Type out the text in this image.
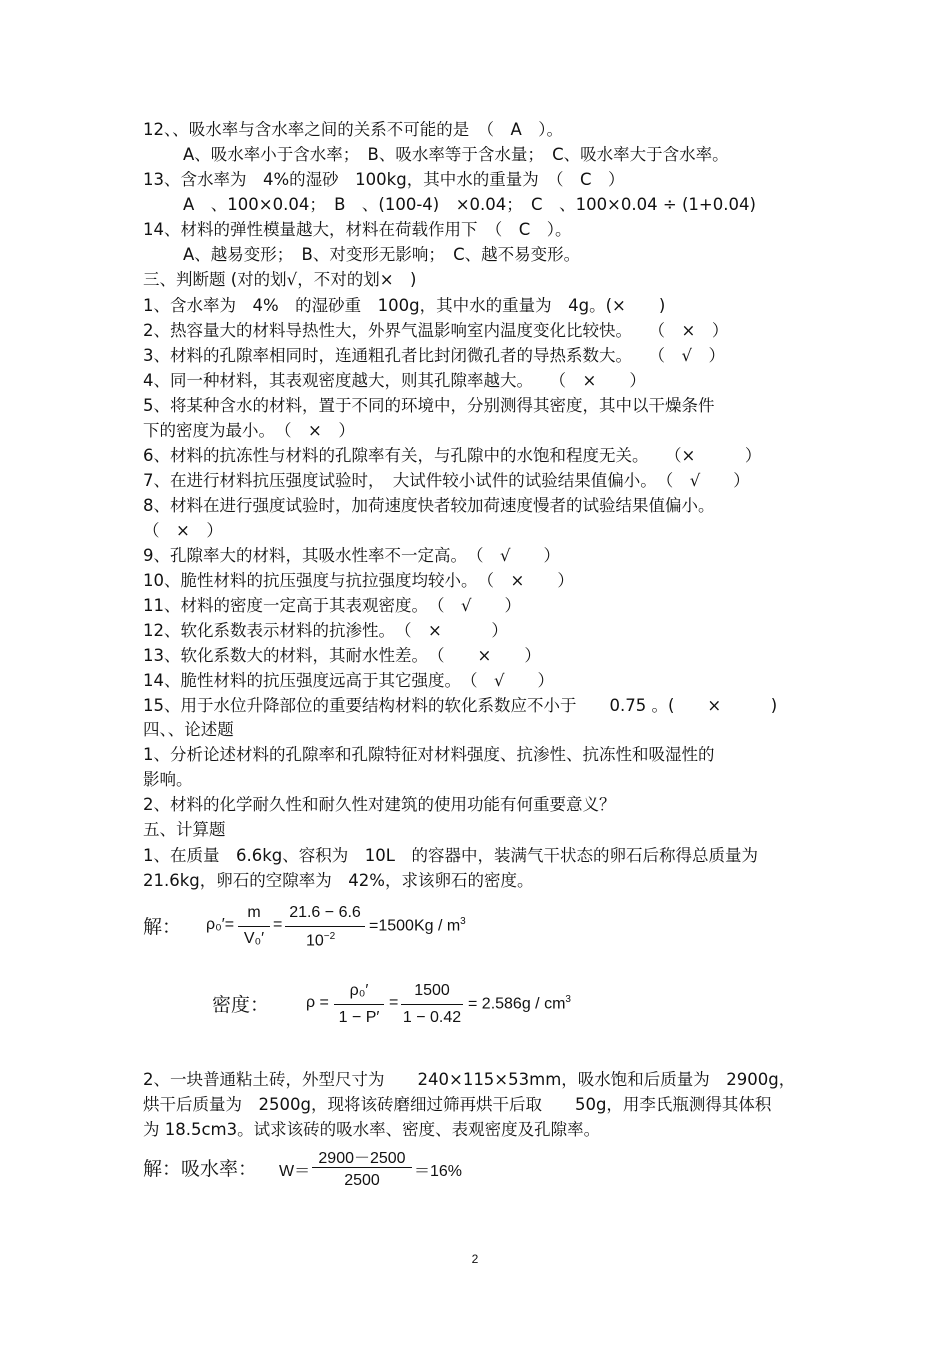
12、、吸水率与含水率之间的关系不可能的是　（　A　）。
A、吸水率小于含水率；　B、吸水率等于含水量；　C、吸水率大于含水率。
13、含水率为　4%的湿砂　100kg，其中水的重量为　（　C　）
A　、100×0.04；　B　、(100-4)　×0.04；　C　、100×0.04 ÷ (1+0.04)
14、材料的弹性模量越大，材料在荷载作用下　（　C　）。
A、越易变形；　B、对变形无影响；　C、越不易变形。
三、判断题 (对的划√，不对的划×　)
1、含水率为　4%　的湿砂重　100g，其中水的重量为　4g。(×　　)
2、热容量大的材料导热性大，外界气温影响室内温度变化比较快。　　（　×　）
3、材料的孔隙率相同时，连通粗孔者比封闭微孔者的导热系数大。　　（　√　）
4、同一种材料，其表观密度越大，则其孔隙率越大。　　（　×　　）
5、将某种含水的材料，置于不同的环境中，分别测得其密度，其中以干燥条件
下的密度为最小。　（　×　）
6、材料的抗冻性与材料的孔隙率有关，与孔隙中的水饱和程度无关。　　（×　　　）
7、在进行材料抗压强度试验时，　大试件较小试件的试验结果值偏小。　（　√　　）
8、材料在进行强度试验时，加荷速度快者较加荷速度慢者的试验结果值偏小。
（　×　）
9、孔隙率大的材料，其吸水性率不一定高。　（　√　　）
10、脆性材料的抗压强度与抗拉强度均较小。　（　×　　）
11、材料的密度一定高于其表观密度。　（　√　　）
12、软化系数表示材料的抗渗性。　（　×　　　）
13、软化系数大的材料，其耐水性差。　（　　×　　）
14、脆性材料的抗压强度远高于其它强度。　（　√　　）
15、用于水位升降部位的重要结构材料的软化系数应不小于　　0.75 。(　　×　　　)
四、、论述题
1、分析论述材料的孔隙率和孔隙特征对材料强度、抗渗性、抗冻性和吸湿性的
影响。
2、材料的化学耐久性和耐久性对建筑的使用功能有何重要意义？
五、计算题
1、在质量　6.6kg、容积为　10L　的容器中，装满气干状态的卵石后称得总质量为
21.6kg，卵石的空隙率为　42%，求该卵石的密度。
解： ρ₀′=
m
V₀′
=
21.6 − 6.6
$10^{-2}$
$=1500Kg / m^3$
密度： ρ =
ρ₀′
1 − P′
=
1500
1 − 0.42
= $2.586g / cm^3$
2、一块普通粘土砖，外型尺寸为　　240×115×53mm，吸水饱和后质量为　2900g，
烘干后质量为　2500g，现将该砖磨细过筛再烘干后取　　50g，用李氏瓶测得其体积
为 18.5cm3。试求该砖的吸水率、密度、表观密度及孔隙率。
解：吸水率： W＝
2900－2500
2500
＝16%
2
